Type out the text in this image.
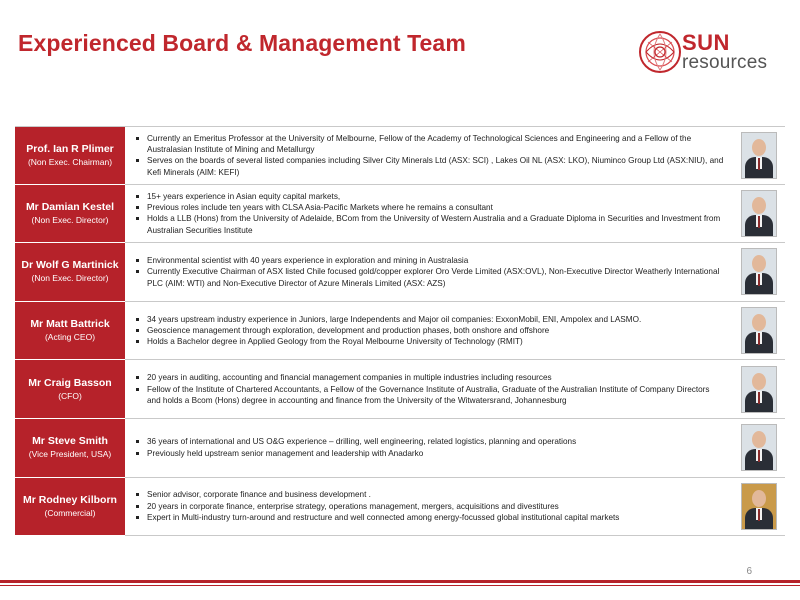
Experienced Board & Management Team	SUN
resources
Prof. Ian R Plimer
(Non Exec. Chairman)
Currently an Emeritus Professor at the University of Melbourne, Fellow of the Academy of Technological Sciences and Engineering and a Fellow of the Australasian Institute of Mining and Metallurgy
Serves on the boards of several listed companies including Silver City Minerals Ltd (ASX: SCI) , Lakes Oil NL (ASX: LKO), Niuminco Group Ltd (ASX:NIU), and Kefi Minerals (AIM: KEFI)
Mr Damian Kestel
(Non Exec. Director)
15+ years experience in Asian equity capital markets,
Previous roles include ten years with CLSA Asia-Pacific Markets where he remains a consultant
Holds a LLB (Hons) from the University of Adelaide, BCom from the University of Western Australia and a Graduate Diploma in Securities and Investment from Australian Securities Institute
Dr Wolf G Martinick
(Non Exec. Director)
Environmental scientist with 40 years experience in exploration and mining in Australasia
Currently Executive Chairman of ASX listed Chile focused gold/copper explorer Oro Verde Limited (ASX:OVL), Non-Executive Director Weatherly International PLC (AIM: WTI) and Non-Executive Director of Azure Minerals Limited (ASX: AZS)
Mr Matt Battrick
(Acting CEO)
34 years upstream industry experience in Juniors, large Independents and Major oil companies: ExxonMobil, ENI, Ampolex and LASMO.
Geoscience management through exploration, development and production phases, both onshore and offshore
Holds a Bachelor degree in Applied Geology from the Royal Melbourne University of Technology (RMIT)
Mr Craig Basson
(CFO)
20 years in auditing, accounting and financial management companies in multiple industries including resources
Fellow of the Institute of Chartered Accountants, a Fellow of the Governance Institute of Australia, Graduate of the Australian Institute of Company Directors and holds a Bcom (Hons) degree in accounting and finance from the University of the Witwatersrand, Johannesburg
Mr Steve Smith
(Vice President, USA)
36 years of international and US O&G experience – drilling, well engineering, related logistics, planning and operations
Previously held upstream senior management and leadership with Anadarko
Mr Rodney Kilborn
(Commercial)
Senior advisor, corporate finance and business development .
20 years in corporate finance, enterprise strategy, operations management, mergers, acquisitions and divestitures
Expert in Multi-industry turn-around and restructure and well connected among energy-focussed global institutional capital markets
6
